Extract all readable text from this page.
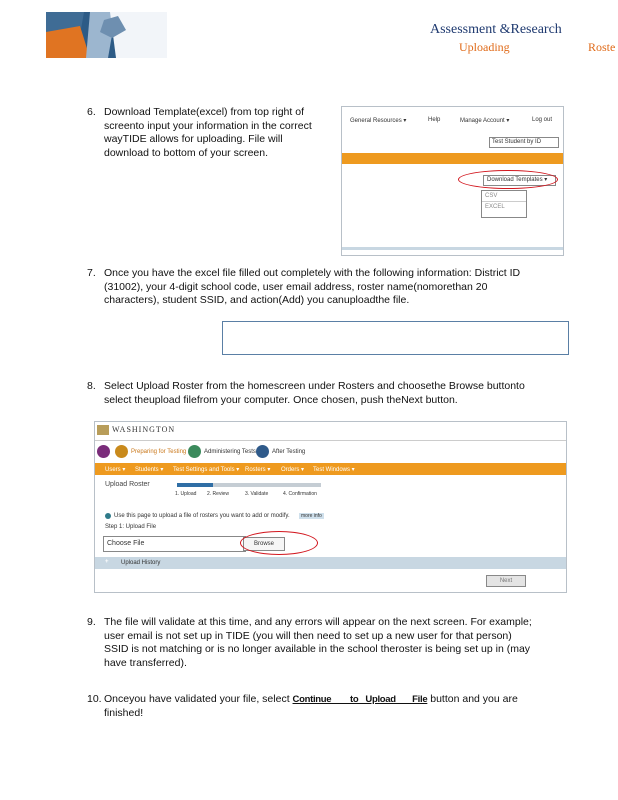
Assessment &Research
Uploading	Roste
6. Download Template(excel) from top right of
screento input your information in the correct
wayTIDE allows for uploading. File will
download to bottom of your screen.
General Resources ▾	Help	Manage Account ▾	Log out
Test Student by ID
Download Templates ▾
CSV
EXCEL
7. Once you have the excel file filled out completely with the following information: District ID
(31002), your 4-digit school code, user email address, roster name(nomorethan 20
characters), student SSID, and action(Add) you canuploadthe file.
8. Select Upload Roster from the homescreen under Rosters and choosethe Browse buttonto
select theupload filefrom your computer. Once chosen, push theNext button.
WASHINGTON
Preparing for Testing	Administering Tests	After Testing
Users ▾ Students ▾ Test Settings and Tools ▾ Rosters ▾ Orders ▾ Test Windows ▾
Upload Roster
1. Upload 2. Review	3. Validate	4. Confirmation
Use this page to upload a file of rosters you want to add or modify.	more info
Step 1: Upload File
Choose File	Browse
+ Upload History
Next
9. The file will validate at this time, and any errors will appear on the next screen. For example;
user email is not set up in TIDE (you will then need to set up a new user for that person)
SSID is not matching or is no longer available in the school theroster is being set up in (may
have transferred).
10. Onceyou have validated your file, select Continue        to   Upload       File button and you are
finished!
